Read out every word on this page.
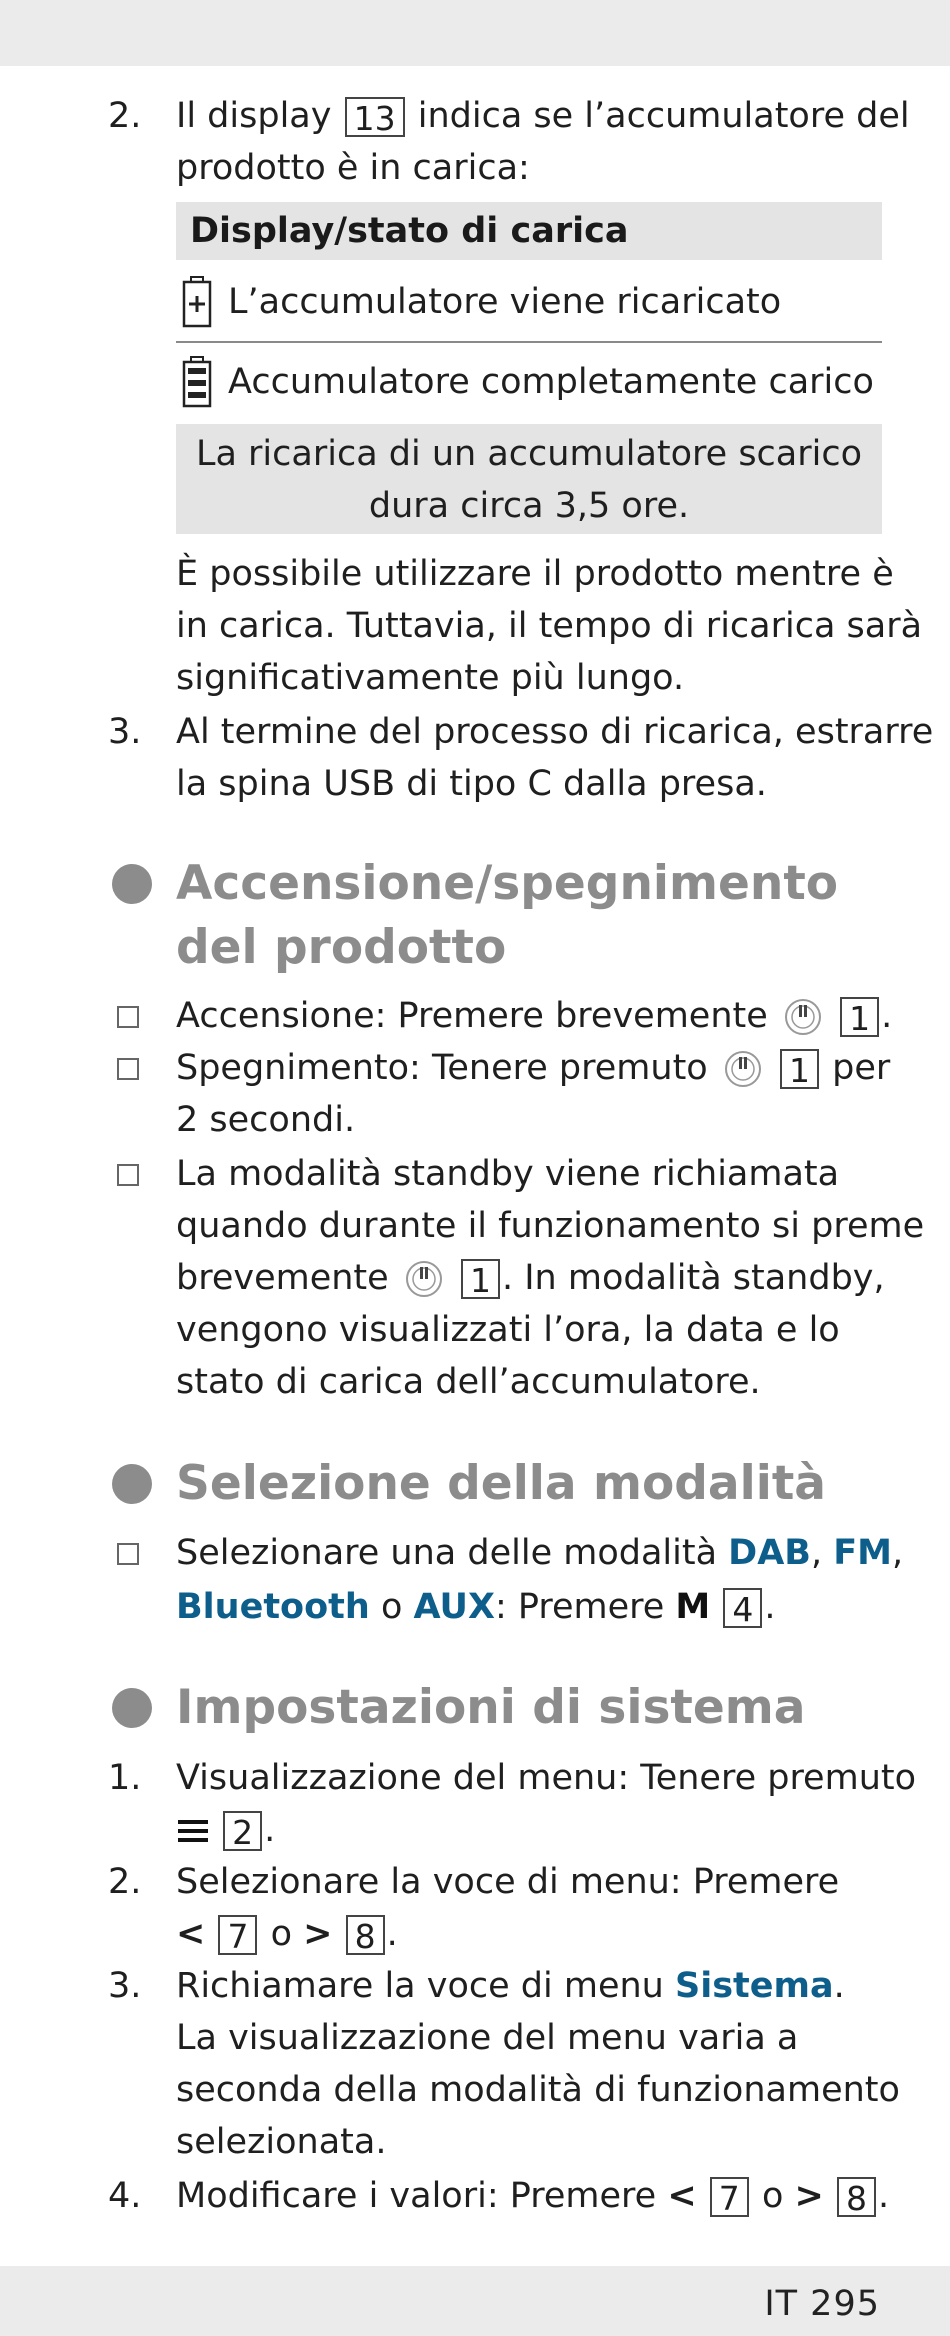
2. Il display 13 indica se l’accumulatore del
prodotto è in carica:
Display/stato di carica
L’accumulatore viene ricaricato
Accumulatore completamente carico
La ricarica di un accumulatore scarico
dura circa 3,5 ore.
È possibile utilizzare il prodotto mentre è
in carica. Tuttavia, il tempo di ricarica sarà
significativamente più lungo.
3. Al termine del processo di ricarica, estrarre
la spina USB di tipo C dalla presa.
Accensione/spegnimento
del prodotto
Accensione: Premere brevemente 1 .
Spegnimento: Tenere premuto 1 per
2 secondi.
La modalità standby viene richiamata
quando durante il funzionamento si preme
brevemente 1 . In modalità standby,
vengono visualizzati l’ora, la data e lo
stato di carica dell’accumulatore.
Selezione della modalità
Selezionare una delle modalità DAB, FM,
Bluetooth o AUX: Premere M 4 .
Impostazioni di sistema
1. Visualizzazione del menu: Tenere premuto
2 .
2. Selezionare la voce di menu: Premere
< 7 o > 8 .
3. Richiamare la voce di menu Sistema.
La visualizzazione del menu varia a
seconda della modalità di funzionamento
selezionata.
4. Modificare i valori: Premere < 7 o > 8 .
IT 295
